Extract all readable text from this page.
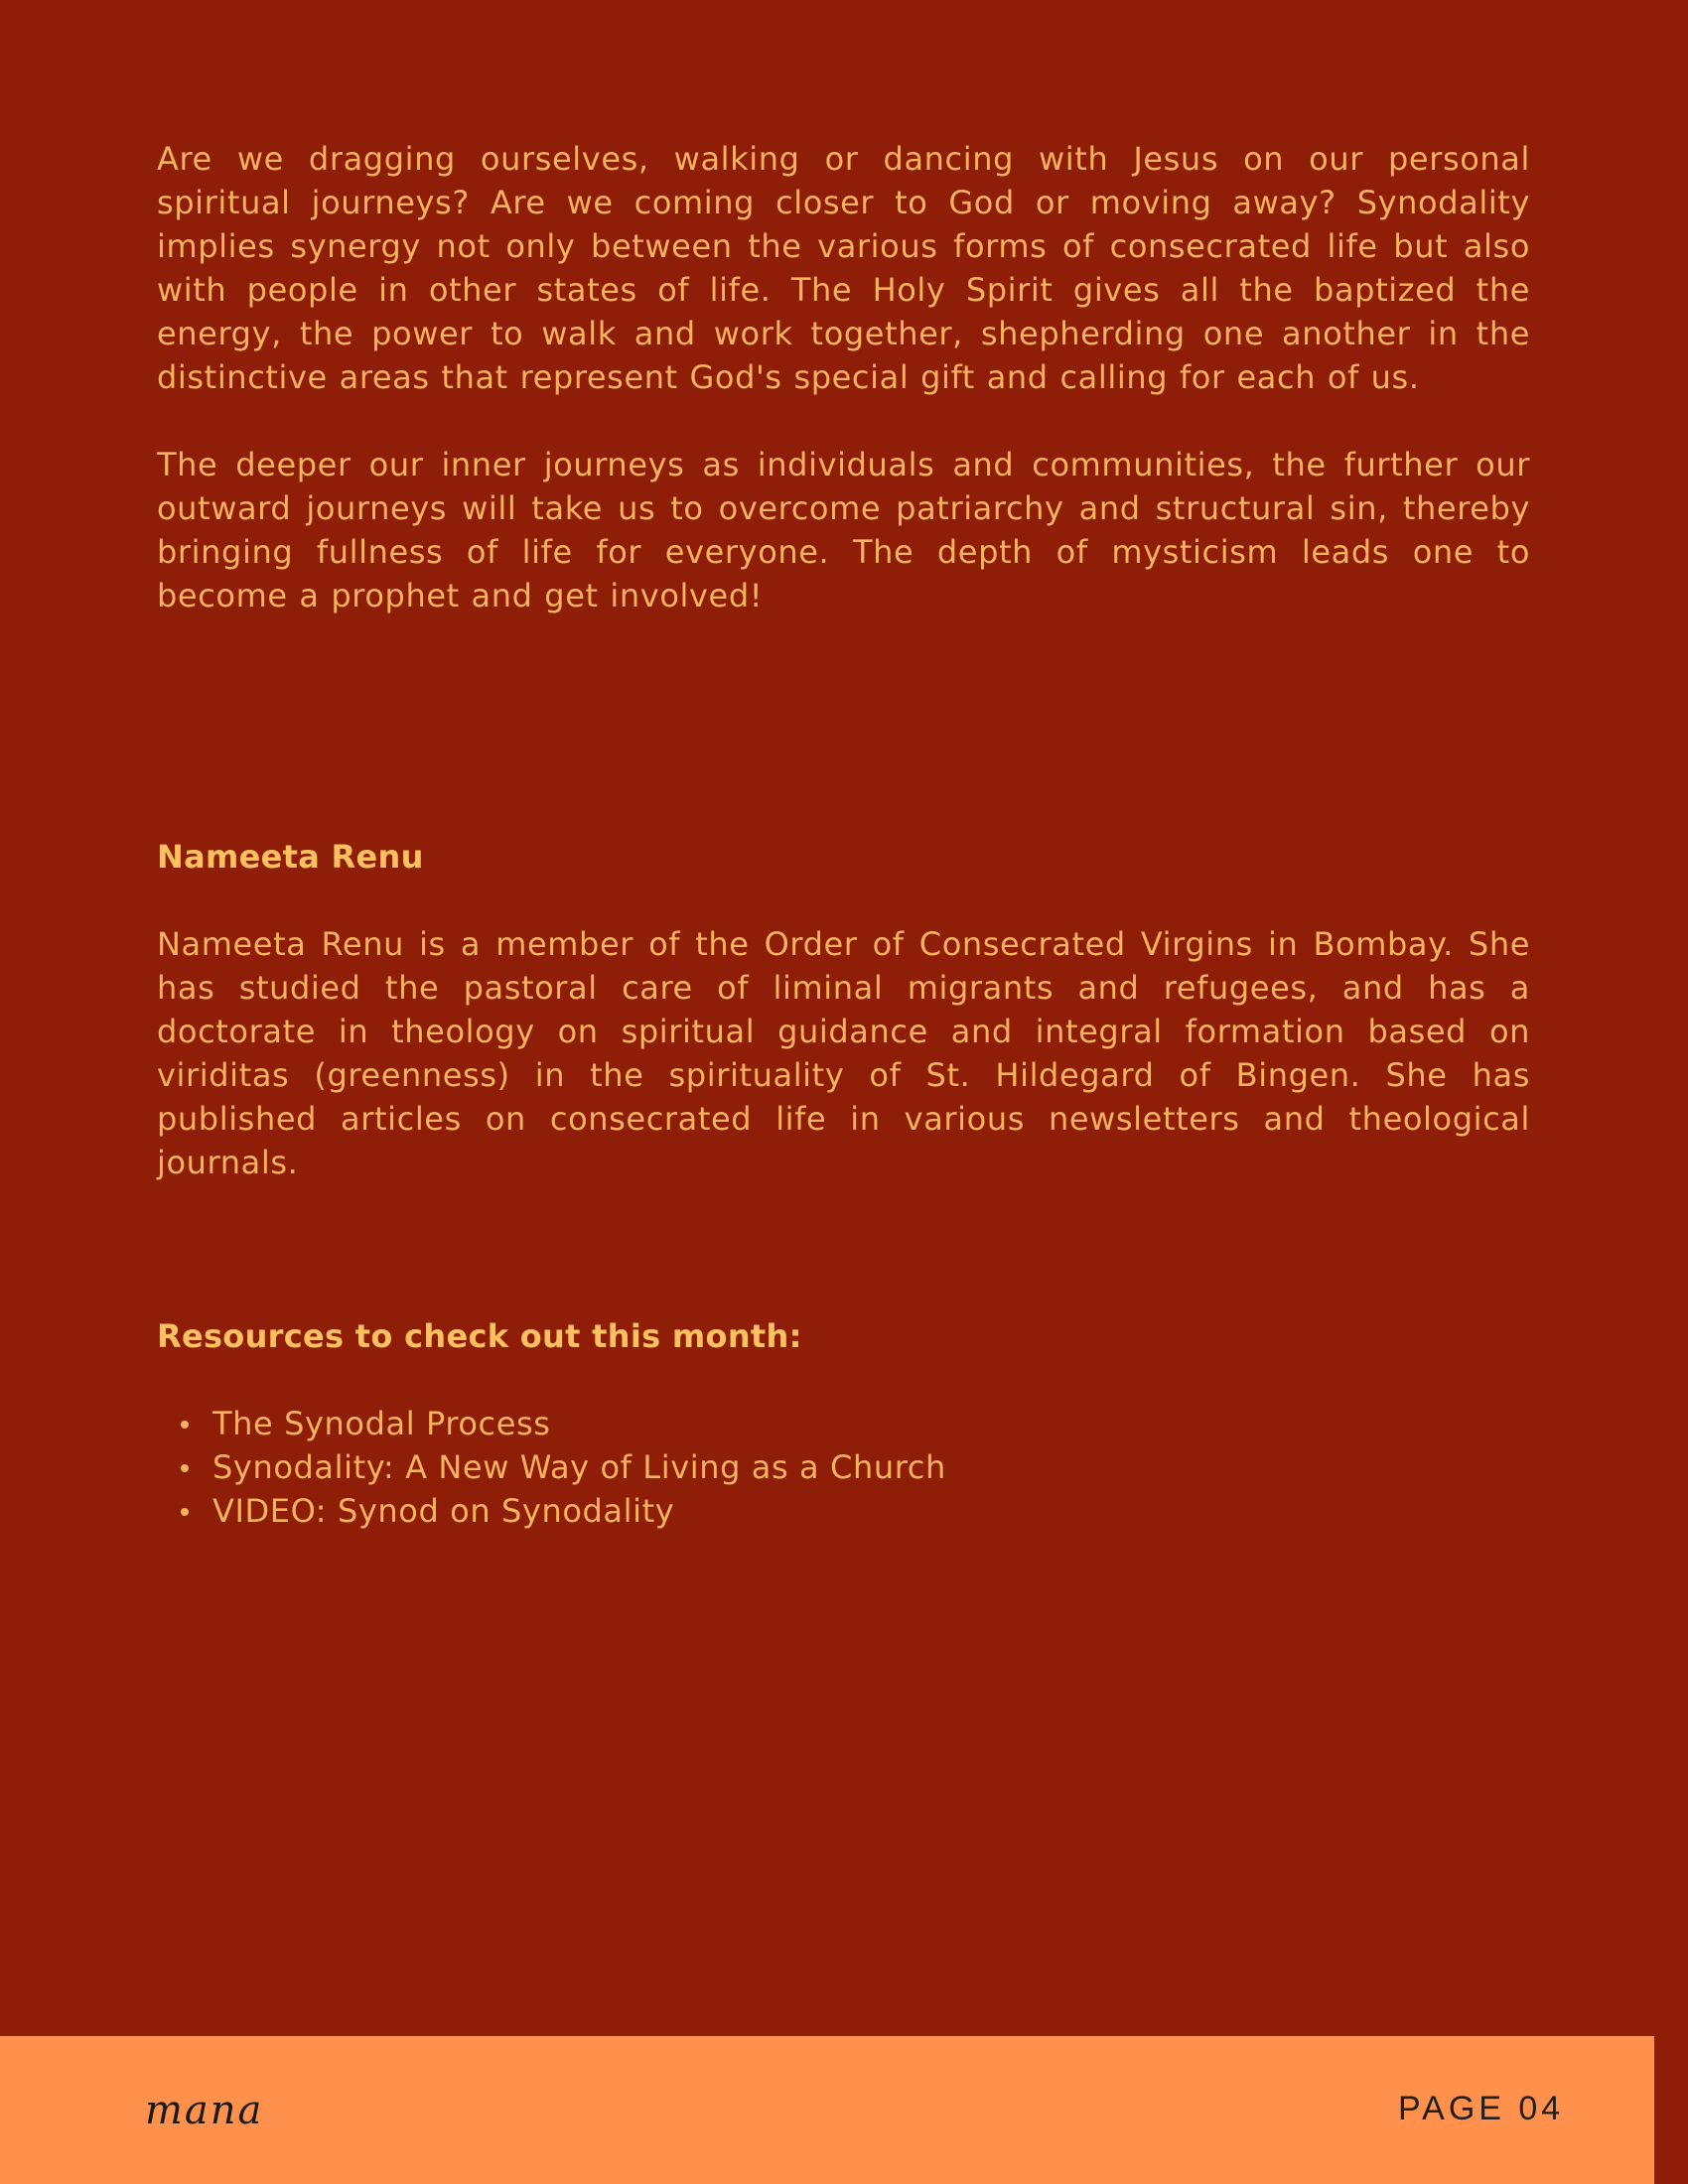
Are we dragging ourselves, walking or dancing with Jesus on our personal spiritual journeys? Are we coming closer to God or moving away? Synodality implies synergy not only between the various forms of consecrated life but also with people in other states of life. The Holy Spirit gives all the baptized the energy, the power to walk and work together, shepherding one another in the distinctive areas that represent God's special gift and calling for each of us.

The deeper our inner journeys as individuals and communities, the further our outward journeys will take us to overcome patriarchy and structural sin, thereby bringing fullness of life for everyone. The depth of mysticism leads one to become a prophet and get involved!

Nameeta Renu

Nameeta Renu is a member of the Order of Consecrated Virgins in Bombay. She has studied the pastoral care of liminal migrants and refugees, and has a doctorate in theology on spiritual guidance and integral formation based on viriditas (greenness) in the spirituality of St. Hildegard of Bingen. She has published articles on consecrated life in various newsletters and theological journals.

Resources to check out this month:
The Synodal Process
Synodality: A New Way of Living as a Church
VIDEO: Synod on Synodality
mana	PAGE 04
